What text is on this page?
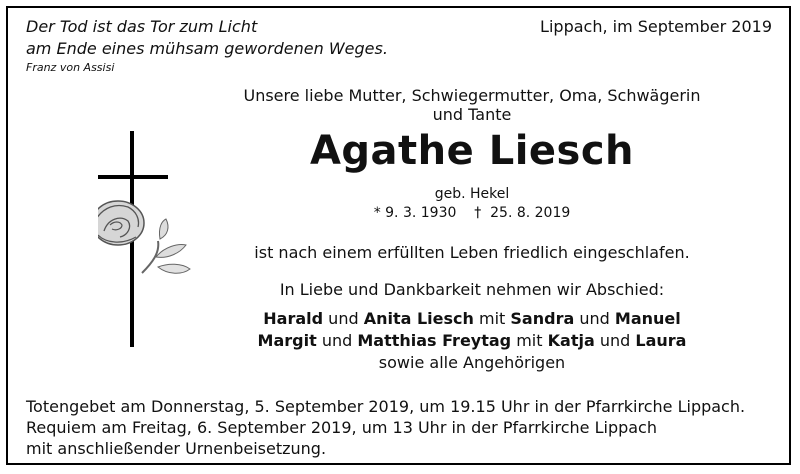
Der Tod ist das Tor zum Licht
am Ende eines mühsam gewordenen Weges.
Franz von Assisi
Lippach, im September 2019
Unsere liebe Mutter, Schwiegermutter, Oma, Schwägerin und Tante
Agathe Liesch
geb. Hekel
* 9. 3. 1930 † 25. 8. 2019
ist nach einem erfüllten Leben friedlich eingeschlafen.
In Liebe und Dankbarkeit nehmen wir Abschied:
Harald und Anita Liesch mit Sandra und Manuel
Margit und Matthias Freytag mit Katja und Laura
sowie alle Angehörigen
Totengebet am Donnerstag, 5. September 2019, um 19.15 Uhr in der Pfarrkirche Lippach.
Requiem am Freitag, 6. September 2019, um 13 Uhr in der Pfarrkirche Lippach
mit anschließender Urnenbeisetzung.
